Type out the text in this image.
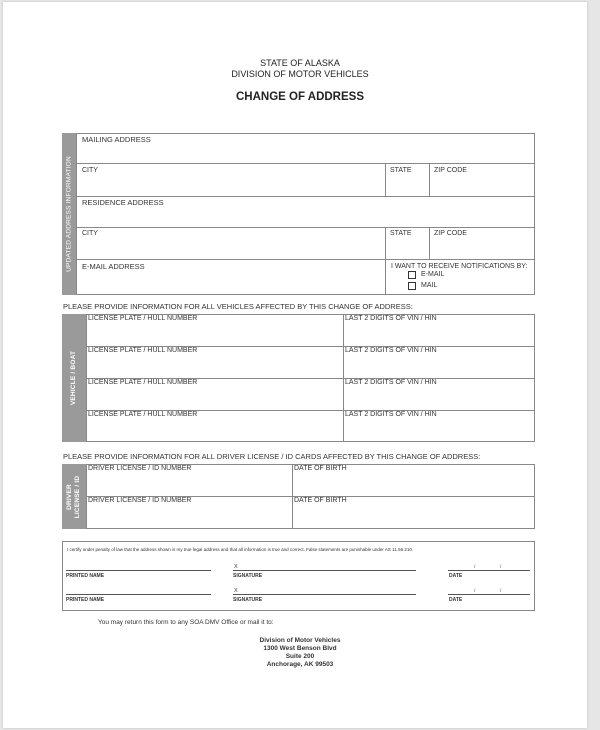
STATE OF ALASKA
DIVISION OF MOTOR VEHICLES
CHANGE OF ADDRESS
UPDATED ADDRESS INFORMATION
MAILING ADDRESS
CITY	STATE	ZIP CODE
RESIDENCE ADDRESS
CITY	STATE	ZIP CODE
E-MAIL ADDRESS	I WANT TO RECEIVE NOTIFICATIONS BY:
E-MAIL
MAIL
PLEASE PROVIDE INFORMATION FOR ALL VEHICLES AFFECTED BY THIS CHANGE OF ADDRESS:
VEHICLE / BOAT
LICENSE PLATE / HULL NUMBER	LAST 2 DIGITS OF VIN / HIN
LICENSE PLATE / HULL NUMBER	LAST 2 DIGITS OF VIN / HIN
LICENSE PLATE / HULL NUMBER	LAST 2 DIGITS OF VIN / HIN
LICENSE PLATE / HULL NUMBER	LAST 2 DIGITS OF VIN / HIN
PLEASE PROVIDE INFORMATION FOR ALL DRIVER LICENSE / ID CARDS AFFECTED BY THIS CHANGE OF ADDRESS:
DRIVER LICENSE / ID
DRIVER LICENSE / ID NUMBER	DATE OF BIRTH
DRIVER LICENSE / ID NUMBER	DATE OF BIRTH
I certify under penalty of law that the address shown is my true legal address and that all information is true and correct. False statements are punishable under AS 11.56.210.
X	/	/
PRINTED NAME	SIGNATURE	DATE
X	/	/
PRINTED NAME	SIGNATURE	DATE
You may return this form to any SOA DMV Office or mail it to:
Division of Motor Vehicles
1300 West Benson Blvd
Suite 200
Anchorage, AK 99503
